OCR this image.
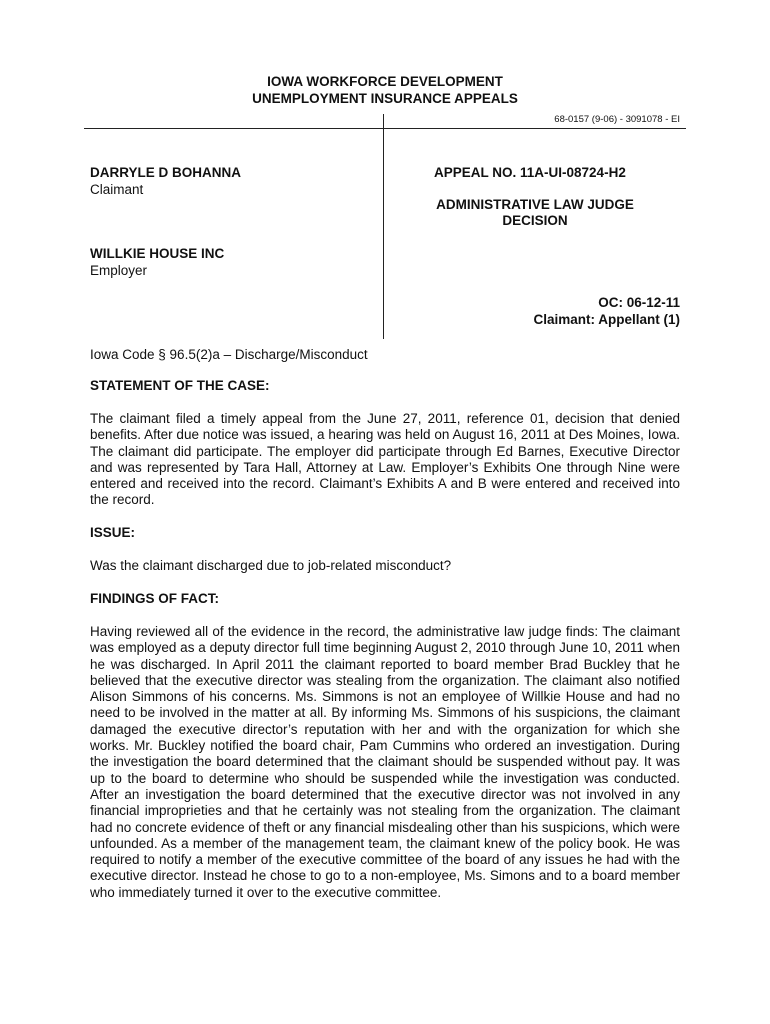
IOWA WORKFORCE DEVELOPMENT
UNEMPLOYMENT INSURANCE APPEALS
68-0157 (9-06) - 3091078 - EI
DARRYLE D BOHANNA
Claimant
WILLKIE HOUSE INC
Employer
APPEAL NO. 11A-UI-08724-H2
ADMINISTRATIVE LAW JUDGE
DECISION
OC: 06-12-11
Claimant: Appellant (1)
Iowa Code § 96.5(2)a – Discharge/Misconduct
STATEMENT OF THE CASE:
The claimant filed a timely appeal from the June 27, 2011, reference 01, decision that denied benefits. After due notice was issued, a hearing was held on August 16, 2011 at Des Moines, Iowa. The claimant did participate. The employer did participate through Ed Barnes, Executive Director and was represented by Tara Hall, Attorney at Law. Employer’s Exhibits One through Nine were entered and received into the record. Claimant’s Exhibits A and B were entered and received into the record.
ISSUE:
Was the claimant discharged due to job-related misconduct?
FINDINGS OF FACT:
Having reviewed all of the evidence in the record, the administrative law judge finds: The claimant was employed as a deputy director full time beginning August 2, 2010 through June 10, 2011 when he was discharged. In April 2011 the claimant reported to board member Brad Buckley that he believed that the executive director was stealing from the organization. The claimant also notified Alison Simmons of his concerns. Ms. Simmons is not an employee of Willkie House and had no need to be involved in the matter at all. By informing Ms. Simmons of his suspicions, the claimant damaged the executive director’s reputation with her and with the organization for which she works. Mr. Buckley notified the board chair, Pam Cummins who ordered an investigation. During the investigation the board determined that the claimant should be suspended without pay. It was up to the board to determine who should be suspended while the investigation was conducted. After an investigation the board determined that the executive director was not involved in any financial improprieties and that he certainly was not stealing from the organization. The claimant had no concrete evidence of theft or any financial misdealing other than his suspicions, which were unfounded. As a member of the management team, the claimant knew of the policy book. He was required to notify a member of the executive committee of the board of any issues he had with the executive director. Instead he chose to go to a non-employee, Ms. Simons and to a board member who immediately turned it over to the executive committee.
